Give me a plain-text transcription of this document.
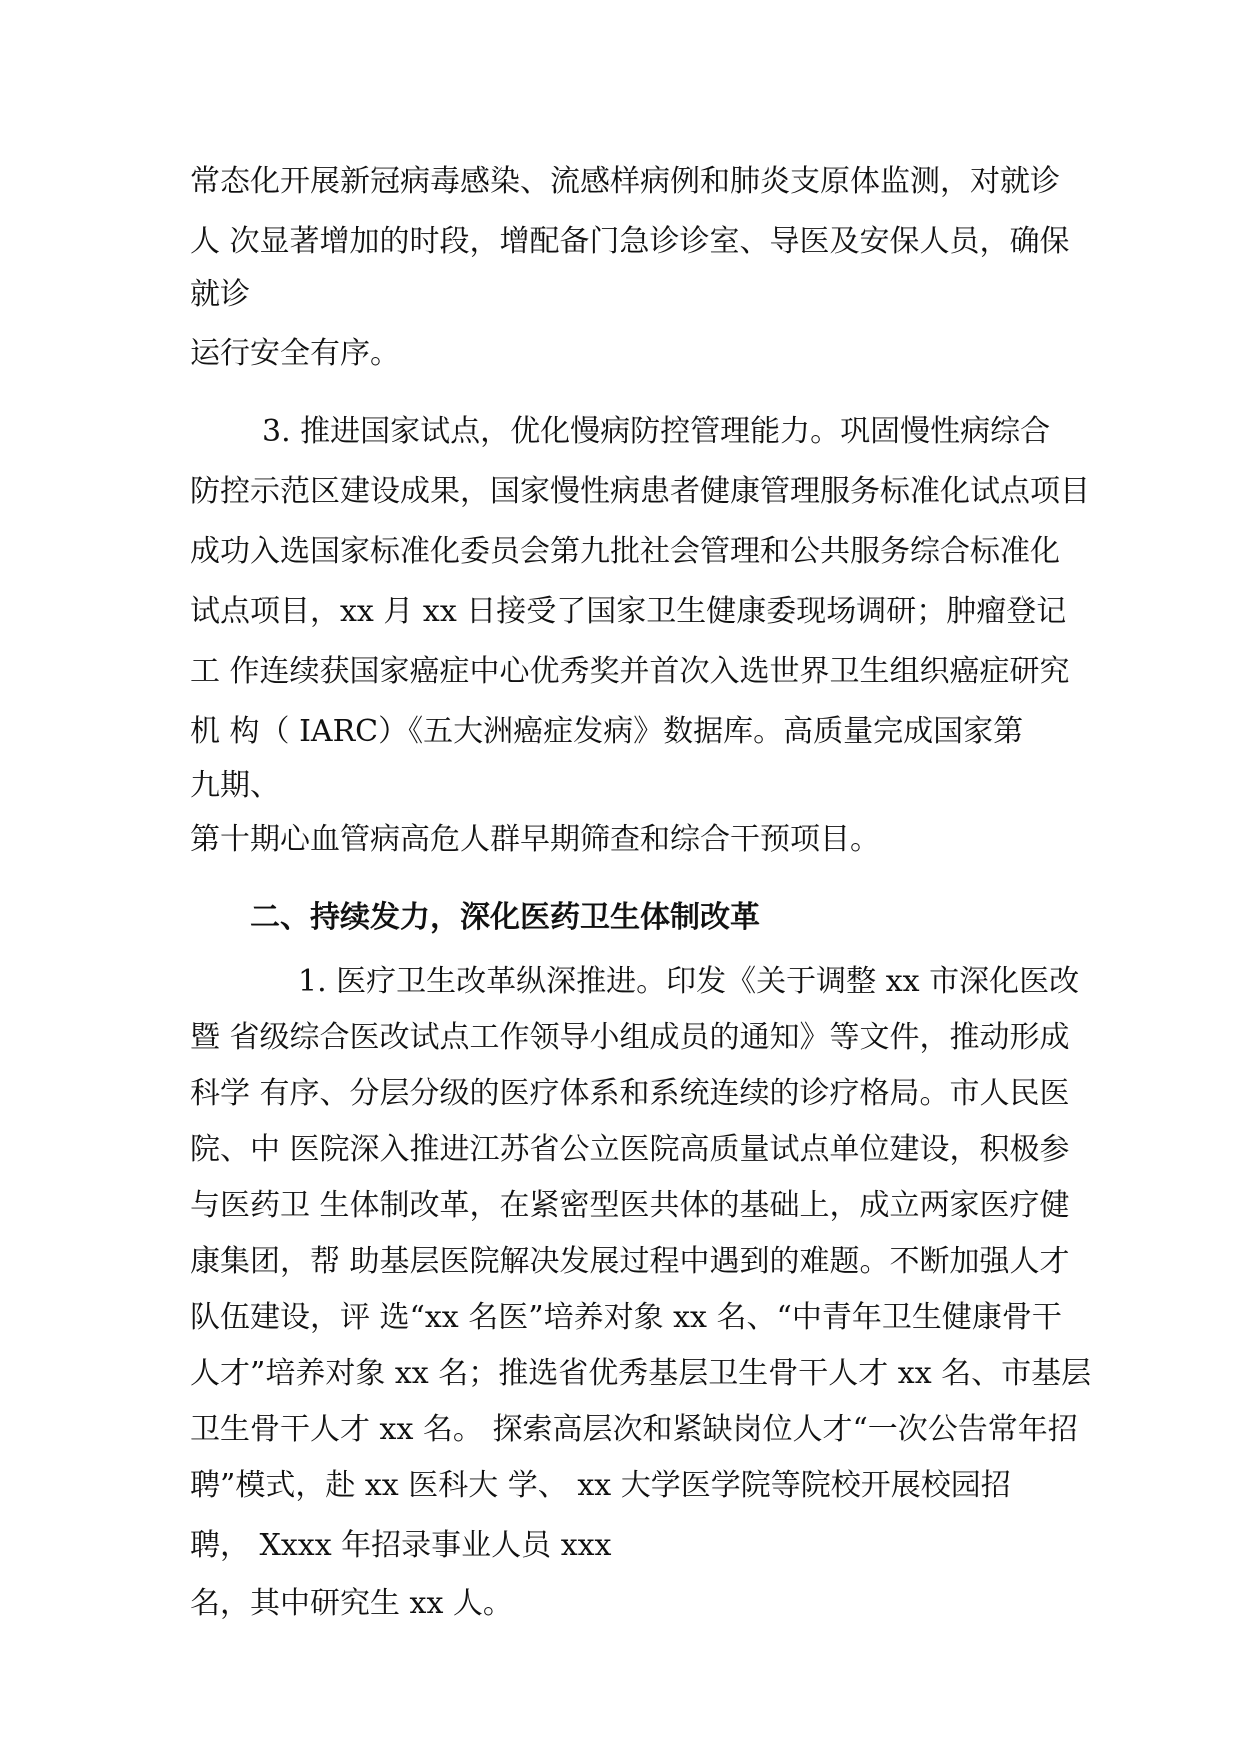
常态化开展新冠病毒感染、流感样病例和肺炎支原体监测，对就诊
人 次显著增加的时段，增配备门急诊诊室、导医及安保人员，确保
就诊
运行安全有序。
3. 推进国家试点，优化慢病防控管理能力。巩固慢性病综合
防控示范区建设成果，国家慢性病患者健康管理服务标准化试点项目
成功入选国家标准化委员会第九批社会管理和公共服务综合标准化
试点项目，xx 月 xx 日接受了国家卫生健康委现场调研；肿瘤登记
工 作连续获国家癌症中心优秀奖并首次入选世界卫生组织癌症研究
机 构（ IARC）《五大洲癌症发病》数据库。高质量完成国家第
九期、
第十期心血管病高危人群早期筛查和综合干预项目。
二、持续发力，深化医药卫生体制改革
1. 医疗卫生改革纵深推进。印发《关于调整 xx 市深化医改
暨 省级综合医改试点工作领导小组成员的通知》等文件，推动形成
科学 有序、分层分级的医疗体系和系统连续的诊疗格局。市人民医
院、中 医院深入推进江苏省公立医院高质量试点单位建设，积极参
与医药卫 生体制改革，在紧密型医共体的基础上，成立两家医疗健
康集团，帮 助基层医院解决发展过程中遇到的难题。不断加强人才
队伍建设，评 选“xx 名医”培养对象 xx 名、“中青年卫生健康骨干
人才”培养对象 xx 名；推选省优秀基层卫生骨干人才 xx 名、市基层
卫生骨干人才 xx 名。 探索高层次和紧缺岗位人才“一次公告常年招
聘”模式，赴 xx 医科大 学、 xx 大学医学院等院校开展校园招
聘， Xxxx 年招录事业人员 xxx
名，其中研究生 xx 人。
